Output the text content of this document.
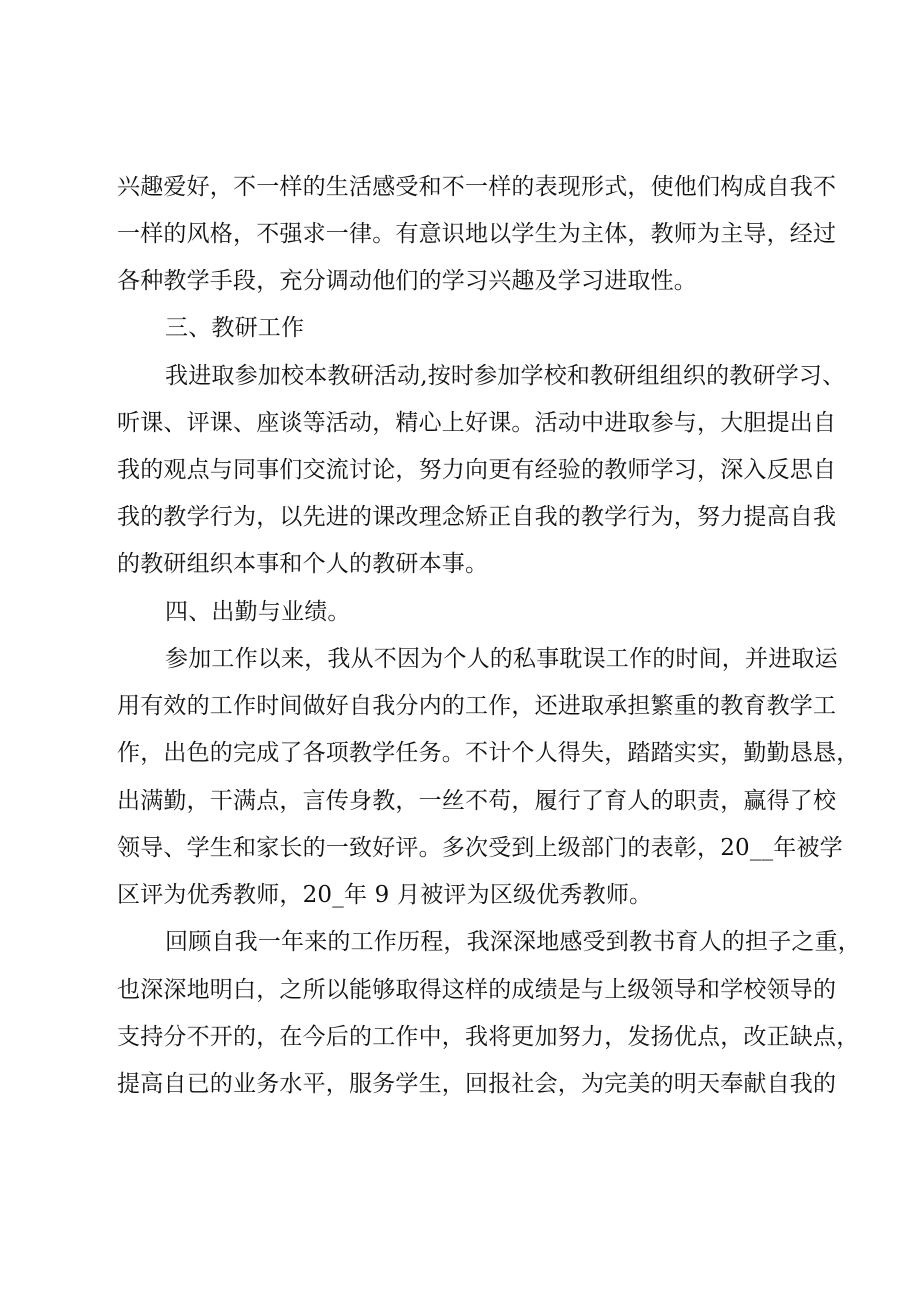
兴趣爱好，不一样的生活感受和不一样的表现形式，使他们构成自我不
一样的风格，不强求一律。有意识地以学生为主体，教师为主导，经过
各种教学手段，充分调动他们的学习兴趣及学习进取性。
三、教研工作
我进取参加校本教研活动,按时参加学校和教研组组织的教研学习、
听课、评课、座谈等活动，精心上好课。活动中进取参与，大胆提出自
我的观点与同事们交流讨论，努力向更有经验的教师学习，深入反思自
我的教学行为，以先进的课改理念矫正自我的教学行为，努力提高自我
的教研组织本事和个人的教研本事。
四、出勤与业绩。
参加工作以来，我从不因为个人的私事耽误工作的时间，并进取运
用有效的工作时间做好自我分内的工作，还进取承担繁重的教育教学工
作，出色的完成了各项教学任务。不计个人得失，踏踏实实，勤勤恳恳，
出满勤，干满点，言传身教，一丝不苟，履行了育人的职责，赢得了校
领导、学生和家长的一致好评。多次受到上级部门的表彰，20__年被学
区评为优秀教师，20_年 9 月被评为区级优秀教师。
回顾自我一年来的工作历程，我深深地感受到教书育人的担子之重，
也深深地明白，之所以能够取得这样的成绩是与上级领导和学校领导的
支持分不开的，在今后的工作中，我将更加努力，发扬优点，改正缺点，
提高自已的业务水平，服务学生，回报社会，为完美的明天奉献自我的
